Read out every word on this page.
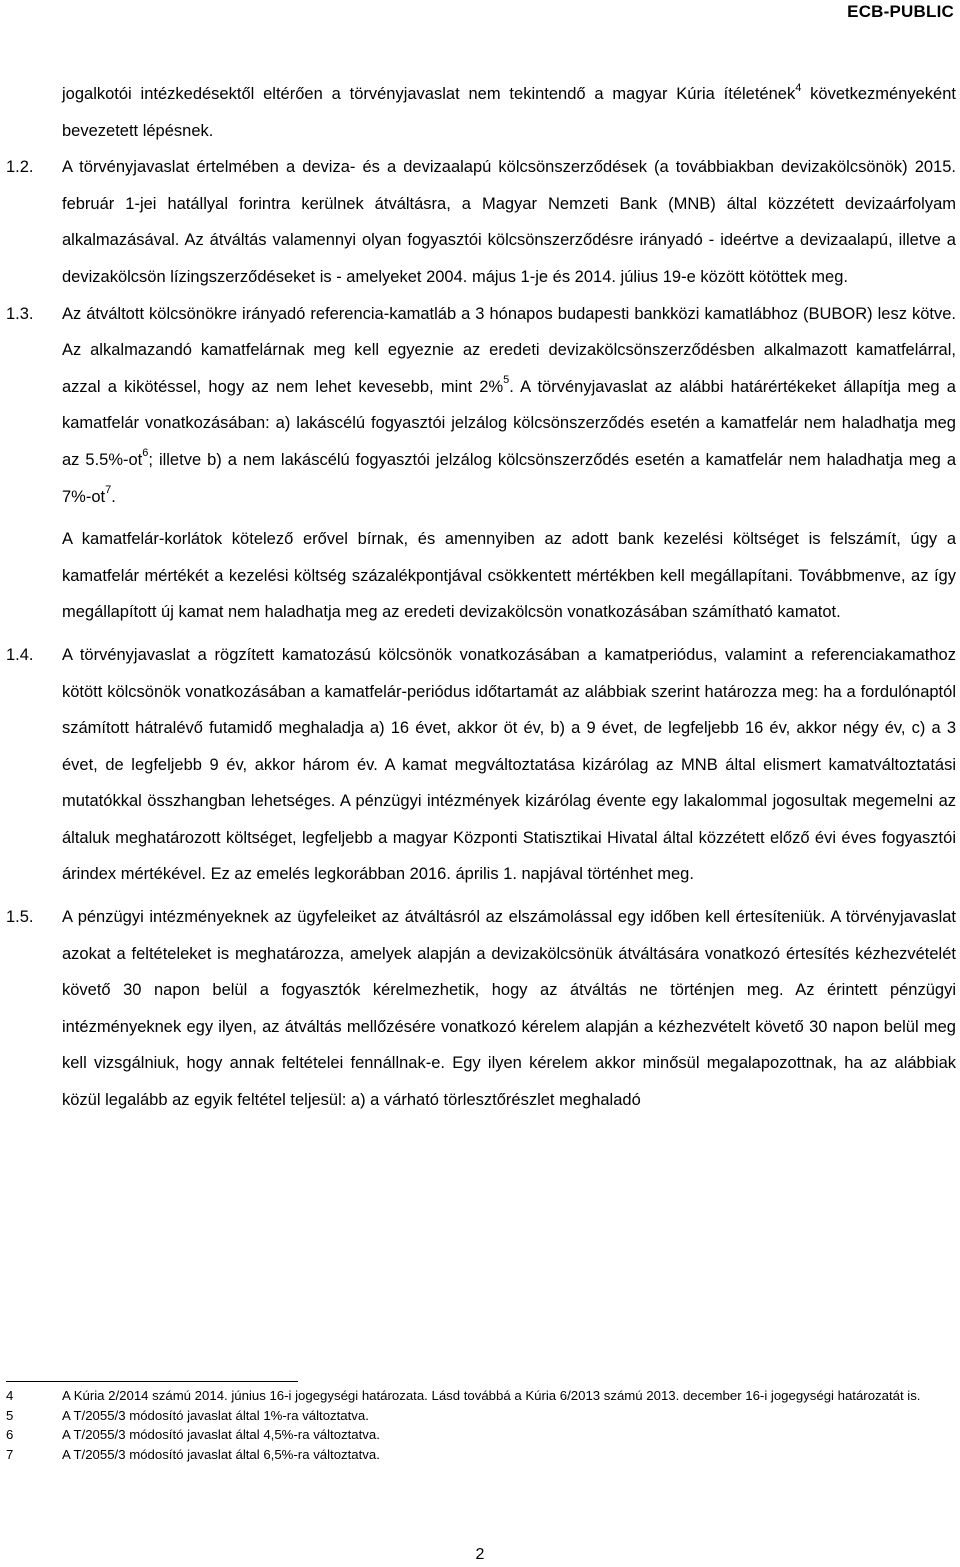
ECB-PUBLIC
jogalkotói intézkedésektől eltérően a törvényjavaslat nem tekintendő a magyar Kúria ítéletének$^4$ következményeként bevezetett lépésnek.
1.2. A törvényjavaslat értelmében a deviza- és a devizaalapú kölcsönszerződések (a továbbiakban devizakölcsönök) 2015. február 1-jei hatállyal forintra kerülnek átváltásra, a Magyar Nemzeti Bank (MNB) által közzétett devizaárfolyam alkalmazásával. Az átváltás valamennyi olyan fogyasztói kölcsönszerződésre irányadó - ideértve a devizaalapú, illetve a devizakölcsön lízingszerződéseket is - amelyeket 2004. május 1-je és 2014. július 19-e között kötöttek meg.
1.3. Az átváltott kölcsönökre irányadó referencia-kamatláb a 3 hónapos budapesti bankközi kamatlábhoz (BUBOR) lesz kötve. Az alkalmazandó kamatfelárnak meg kell egyeznie az eredeti devizakölcsönszerződésben alkalmazott kamatfelárral, azzal a kikötéssel, hogy az nem lehet kevesebb, mint 2%$^5$. A törvényjavaslat az alábbi határértékeket állapítja meg a kamatfelár vonatkozásában: a) lakáscélú fogyasztói jelzálog kölcsönszerződés esetén a kamatfelár nem haladhatja meg az $5.5\%-ot^6$; illetve b) a nem lakáscélú fogyasztói jelzálog kölcsönszerződés esetén a kamatfelár nem haladhatja meg a $7\%-ot^7$.
A kamatfelár-korlátok kötelező erővel bírnak, és amennyiben az adott bank kezelési költséget is felszámít, úgy a kamatfelár mértékét a kezelési költség százalékpontjával csökkentett mértékben kell megállapítani. Továbbmenve, az így megállapított új kamat nem haladhatja meg az eredeti devizakölcsön vonatkozásában számítható kamatot.
1.4. A törvényjavaslat a rögzített kamatozású kölcsönök vonatkozásában a kamatperiódus, valamint a referenciakamathoz kötött kölcsönök vonatkozásában a kamatfelár-periódus időtartamát az alábbiak szerint határozza meg: ha a fordulónaptól számított hátralévő futamidő meghaladja a) 16 évet, akkor öt év, b) a 9 évet, de legfeljebb 16 év, akkor négy év, c) a 3 évet, de legfeljebb 9 év, akkor három év. A kamat megváltoztatása kizárólag az MNB által elismert kamatváltoztatási mutatókkal összhangban lehetséges. A pénzügyi intézmények kizárólag évente egy lakalommal jogosultak megemelni az általuk meghatározott költséget, legfeljebb a magyar Központi Statisztikai Hivatal által közzétett előző évi éves fogyasztói árindex mértékével. Ez az emelés legkorábban 2016. április 1. napjával történhet meg.
1.5. A pénzügyi intézményeknek az ügyfeleiket az átváltásról az elszámolással egy időben kell értesíteniük. A törvényjavaslat azokat a feltételeket is meghatározza, amelyek alapján a devizakölcsönük átváltására vonatkozó értesítés kézhezvételét követő 30 napon belül a fogyasztók kérelmezhetik, hogy az átváltás ne történjen meg. Az érintett pénzügyi intézményeknek egy ilyen, az átváltás mellőzésére vonatkozó kérelem alapján a kézhezvételt követő 30 napon belül meg kell vizsgálniuk, hogy annak feltételei fennállnak-e. Egy ilyen kérelem akkor minősül megalapozottnak, ha az alábbiak közül legalább az egyik feltétel teljesül: a) a várható törlesztőrészlet meghaladó
4	A Kúria 2/2014 számú 2014. június 16-i jogegységi határozata. Lásd továbbá a Kúria 6/2013 számú 2013. december 16-i jogegységi határozatát is.
5	A T/2055/3 módosító javaslat által 1%-ra változtatva.
6	A T/2055/3 módosító javaslat által 4,5%-ra változtatva.
7	A T/2055/3 módosító javaslat által 6,5%-ra változtatva.
2
